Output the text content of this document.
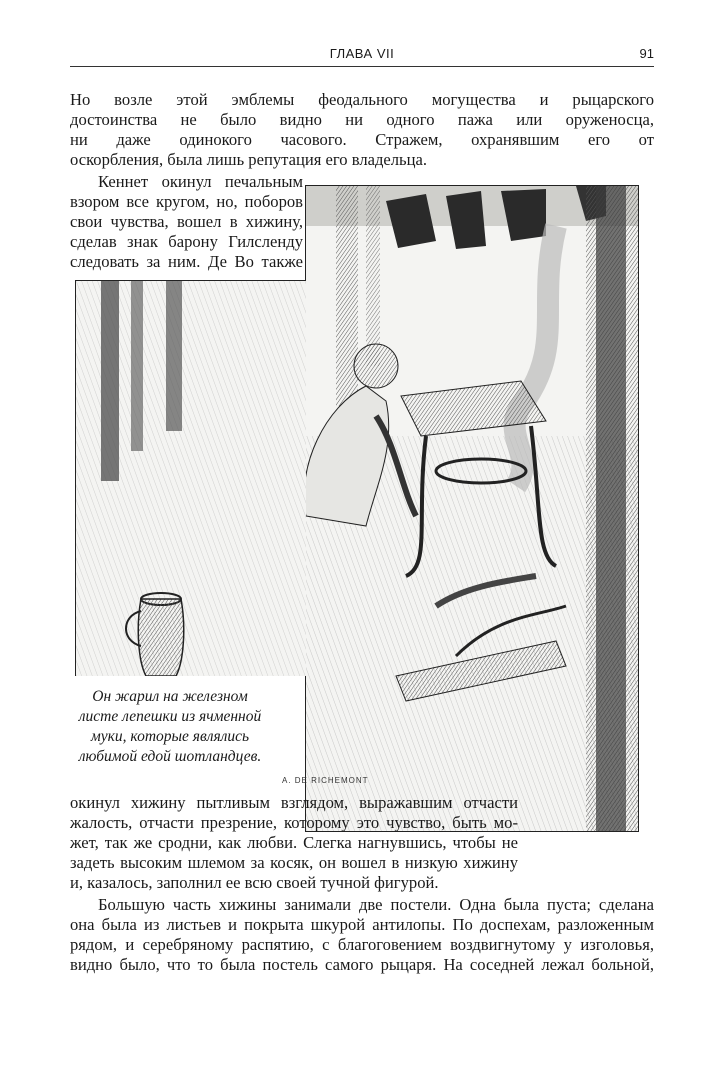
ГЛАВА VII	91
Но возле этой эмблемы феодального могущества и рыцарского
достоинства не было видно ни одного пажа или оруженосца,
ни даже одинокого часового. Стражем, охранявшим его от
оскорбления, была лишь репутация его владельца.
Кеннет окинул печальным
взором все кругом, но, поборов
свои чувства, вошел в хижину,
сделав знак барону Гилсленду
следовать за ним. Де Во также
Он жарил на железном
листе лепешки из ячменной
муки, которые являлись
любимой едой шотландцев.
A. DE RICHEMONT
окинул хижину пытливым взглядом, выражавшим отчасти
жалость, отчасти презрение, которому это чувство, быть мо-
жет, так же сродни, как любви. Слегка нагнувшись, чтобы не
задеть высоким шлемом за косяк, он вошел в низкую хижину
и, казалось, заполнил ее всю своей тучной фигурой.
Большую часть хижины занимали две постели. Одна была пуста; сделана
она была из листьев и покрыта шкурой антилопы. По доспехам, разложенным
рядом, и серебряному распятию, с благоговением воздвигнутому у изголовья,
видно было, что то была постель самого рыцаря. На соседней лежал больной,
